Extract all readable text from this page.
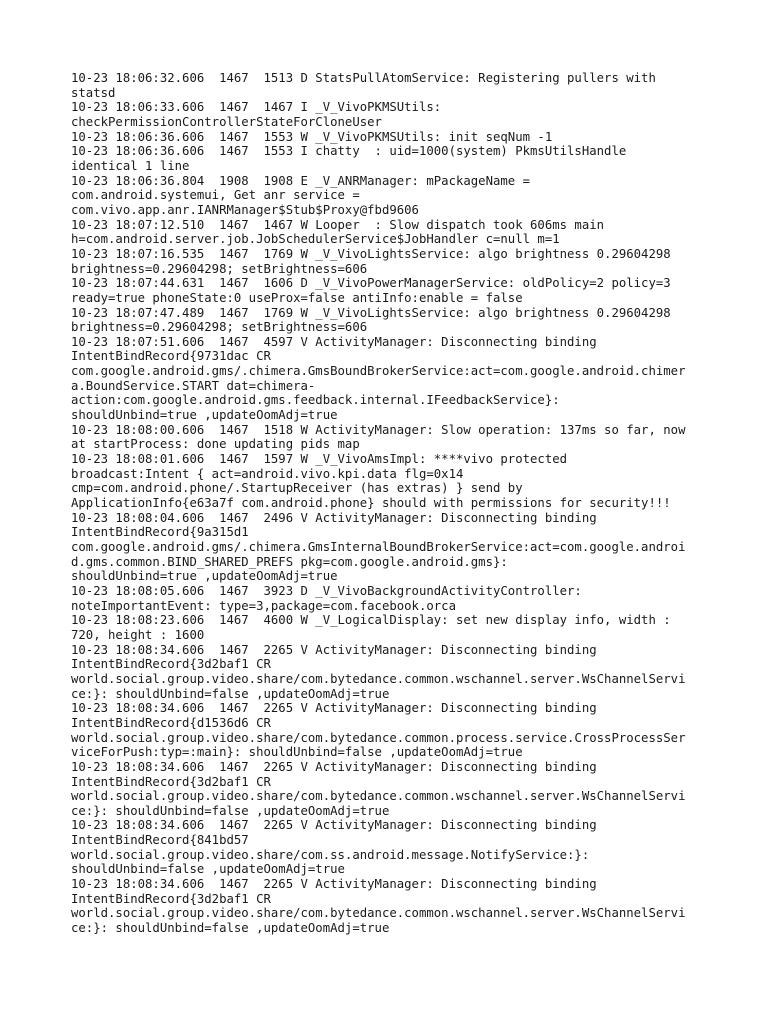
10-23 18:06:32.606  1467  1513 D StatsPullAtomService: Registering pullers with
statsd
10-23 18:06:33.606  1467  1467 I _V_VivoPKMSUtils:
checkPermissionControllerStateForCloneUser
10-23 18:06:36.606  1467  1553 W _V_VivoPKMSUtils: init seqNum -1
10-23 18:06:36.606  1467  1553 I chatty  : uid=1000(system) PkmsUtilsHandle
identical 1 line
10-23 18:06:36.804  1908  1908 E _V_ANRManager: mPackageName =
com.android.systemui, Get anr service =
com.vivo.app.anr.IANRManager$Stub$Proxy@fbd9606
10-23 18:07:12.510  1467  1467 W Looper  : Slow dispatch took 606ms main
h=com.android.server.job.JobSchedulerService$JobHandler c=null m=1
10-23 18:07:16.535  1467  1769 W _V_VivoLightsService: algo brightness 0.29604298
brightness=0.29604298; setBrightness=606
10-23 18:07:44.631  1467  1606 D _V_VivoPowerManagerService: oldPolicy=2 policy=3
ready=true phoneState:0 useProx=false antiInfo:enable = false
10-23 18:07:47.489  1467  1769 W _V_VivoLightsService: algo brightness 0.29604298
brightness=0.29604298; setBrightness=606
10-23 18:07:51.606  1467  4597 V ActivityManager: Disconnecting binding
IntentBindRecord{9731dac CR
com.google.android.gms/.chimera.GmsBoundBrokerService:act=com.google.android.chimer
a.BoundService.START dat=chimera-
action:com.google.android.gms.feedback.internal.IFeedbackService}:
shouldUnbind=true ,updateOomAdj=true
10-23 18:08:00.606  1467  1518 W ActivityManager: Slow operation: 137ms so far, now
at startProcess: done updating pids map
10-23 18:08:01.606  1467  1597 W _V_VivoAmsImpl: ****vivo protected
broadcast:Intent { act=android.vivo.kpi.data flg=0x14
cmp=com.android.phone/.StartupReceiver (has extras) } send by
ApplicationInfo{e63a7f com.android.phone} should with permissions for security!!!
10-23 18:08:04.606  1467  2496 V ActivityManager: Disconnecting binding
IntentBindRecord{9a315d1
com.google.android.gms/.chimera.GmsInternalBoundBrokerService:act=com.google.androi
d.gms.common.BIND_SHARED_PREFS pkg=com.google.android.gms}:
shouldUnbind=true ,updateOomAdj=true
10-23 18:08:05.606  1467  3923 D _V_VivoBackgroundActivityController:
noteImportantEvent: type=3,package=com.facebook.orca
10-23 18:08:23.606  1467  4600 W _V_LogicalDisplay: set new display info, width :
720, height : 1600
10-23 18:08:34.606  1467  2265 V ActivityManager: Disconnecting binding
IntentBindRecord{3d2baf1 CR
world.social.group.video.share/com.bytedance.common.wschannel.server.WsChannelServi
ce:}: shouldUnbind=false ,updateOomAdj=true
10-23 18:08:34.606  1467  2265 V ActivityManager: Disconnecting binding
IntentBindRecord{d1536d6 CR
world.social.group.video.share/com.bytedance.common.process.service.CrossProcessSer
viceForPush:typ=:main}: shouldUnbind=false ,updateOomAdj=true
10-23 18:08:34.606  1467  2265 V ActivityManager: Disconnecting binding
IntentBindRecord{3d2baf1 CR
world.social.group.video.share/com.bytedance.common.wschannel.server.WsChannelServi
ce:}: shouldUnbind=false ,updateOomAdj=true
10-23 18:08:34.606  1467  2265 V ActivityManager: Disconnecting binding
IntentBindRecord{841bd57
world.social.group.video.share/com.ss.android.message.NotifyService:}:
shouldUnbind=false ,updateOomAdj=true
10-23 18:08:34.606  1467  2265 V ActivityManager: Disconnecting binding
IntentBindRecord{3d2baf1 CR
world.social.group.video.share/com.bytedance.common.wschannel.server.WsChannelServi
ce:}: shouldUnbind=false ,updateOomAdj=true
